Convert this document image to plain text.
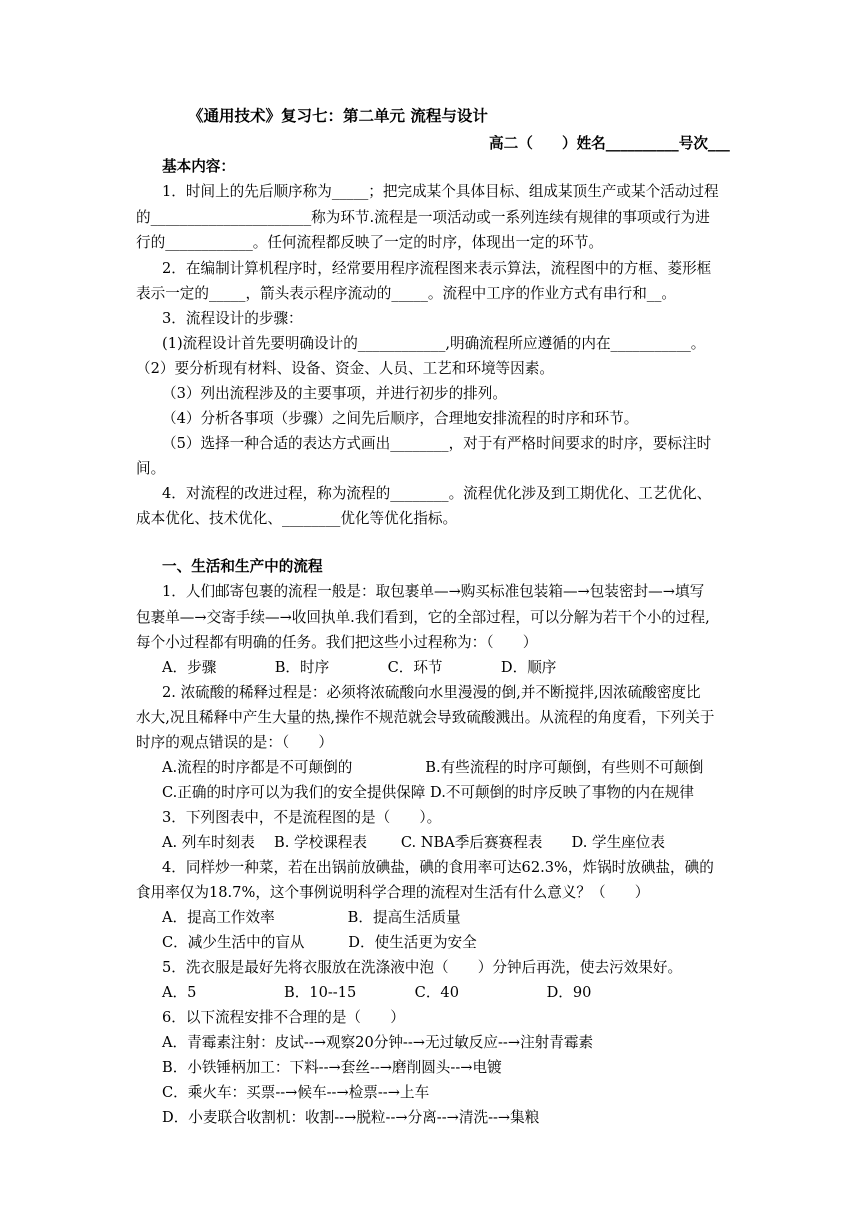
《通用技术》复习七：第二单元 流程与设计
高二（　　）姓名__________号次___
基本内容：
1．时间上的先后顺序称为_____；把完成某个具体目标、组成某顶生产或某个活动过程
的______________________称为环节.流程是一项活动或一系列连续有规律的事项或行为进
行的____________。任何流程都反映了一定的时序，体现出一定的环节。
2．在编制计算机程序时，经常要用程序流程图来表示算法，流程图中的方框、菱形框
表示一定的_____，箭头表示程序流动的_____。流程中工序的作业方式有串行和__。
3．流程设计的步骤：
(1)流程设计首先要明确设计的____________,明确流程所应遵循的内在___________。
（2）要分析现有材料、设备、资金、人员、工艺和环境等因素。
（3）列出流程涉及的主要事项，并进行初步的排列。
（4）分析各事项（步骤）之间先后顺序，合理地安排流程的时序和环节。
（5）选择一种合适的表达方式画出________，对于有严格时间要求的时序，要标注时
间。
4．对流程的改进过程，称为流程的________。流程优化涉及到工期优化、工艺优化、
成本优化、技术优化、________优化等优化指标。
一、生活和生产中的流程
1．人们邮寄包裹的流程一般是：取包裹单—→购买标准包装箱—→包装密封—→填写
包裹单—→交寄手续—→收回执单.我们看到，它的全部过程，可以分解为若干个小的过程,
每个小过程都有明确的任务。我们把这些小过程称为：（　　）
A．步骤　　　　B．时序　　　　C．环节　　　　D．顺序
2. 浓硫酸的稀释过程是：必须将浓硫酸向水里漫漫的倒,并不断搅拌,因浓硫酸密度比
水大,况且稀释中产生大量的热,操作不规范就会导致硫酸溅出。从流程的角度看，下列关于
时序的观点错误的是：（　　）
A.流程的时序都是不可颠倒的　　　　　B.有些流程的时序可颠倒，有些则不可颠倒
C.正确的时序可以为我们的安全提供保障 D.不可颠倒的时序反映了事物的内在规律
3．下列图表中，不是流程图的是（　　）。
A. 列车时刻表　 B. 学校课程表　　 C. NBA季后赛赛程表　　D. 学生座位表
4．同样炒一种菜，若在出锅前放碘盐，碘的食用率可达62.3%，炸锅时放碘盐，碘的
食用率仅为18.7%，这个事例说明科学合理的流程对生活有什么意义？（　　）
A．提高工作效率　　　　　B．提高生活质量
C．减少生活中的盲从　　　D．使生活更为安全
5．洗衣服是最好先将衣服放在洗涤液中泡（　　）分钟后再洗，使去污效果好。
A．5　　　　　　B．10--15　　　　C．40　　　　　　D．90
6．以下流程安排不合理的是（　　）
A．青霉素注射：皮试--→观察20分钟--→无过敏反应--→注射青霉素
B．小铁锤柄加工：下料--→套丝--→磨削圆头--→电镀
C．乘火车：买票--→候车--→检票--→上车
D．小麦联合收割机：收割--→脱粒--→分离--→清洗--→集粮
